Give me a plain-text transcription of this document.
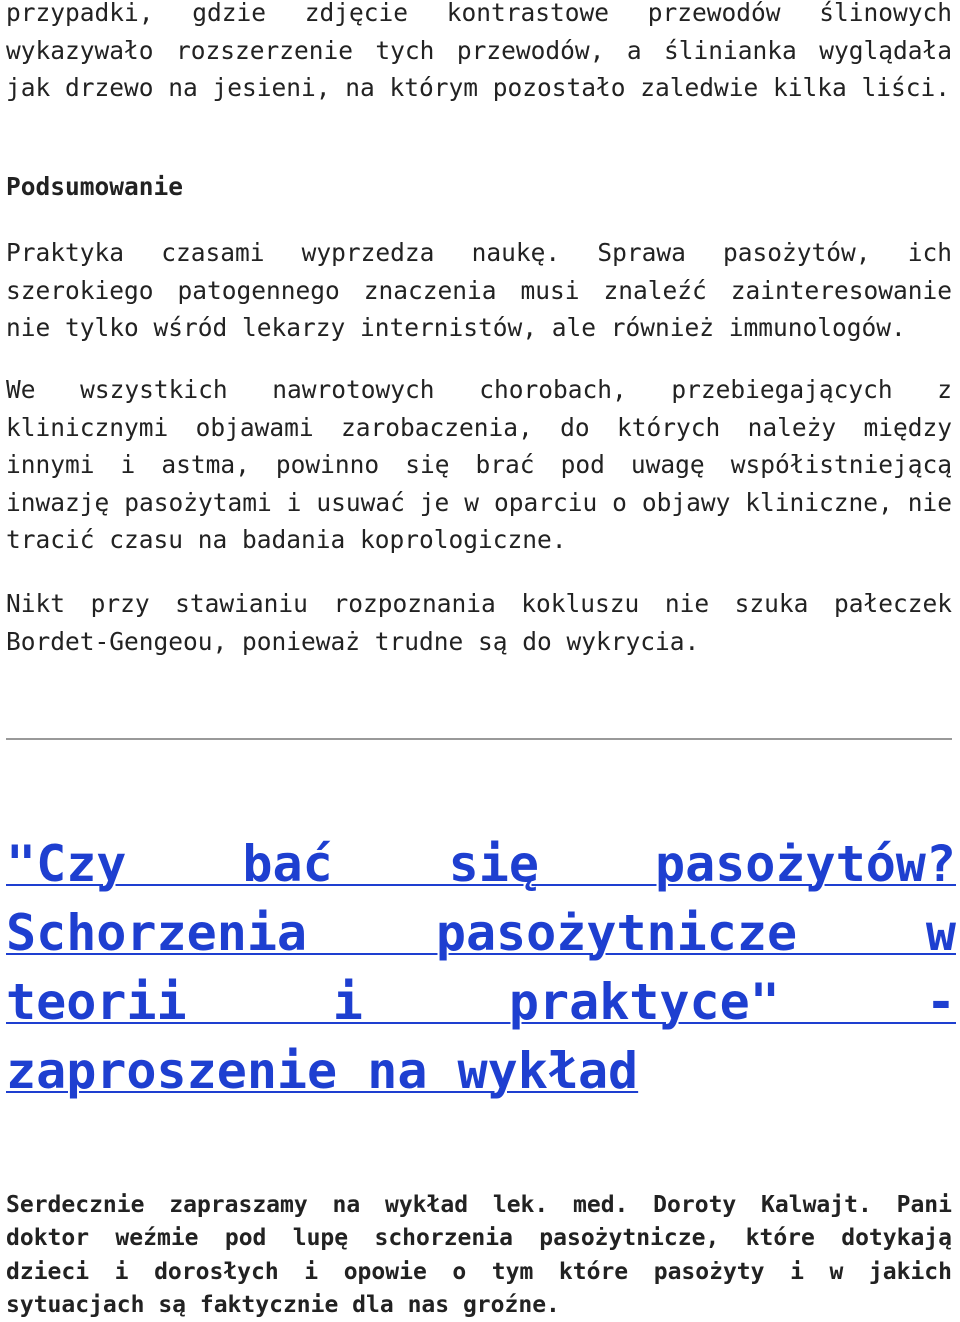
przypadki, gdzie zdjęcie kontrastowe przewodów ślinowych wykazywało rozszerzenie tych przewodów, a ślinianka wyglądała jak drzewo na jesieni, na którym pozostało zaledwie kilka liści.

Podsumowanie

Praktyka czasami wyprzedza naukę. Sprawa pasożytów, ich szerokiego patogennego znaczenia musi znaleźć zainteresowanie nie tylko wśród lekarzy internistów, ale również immunologów.

We wszystkich nawrotowych chorobach, przebiegających z klinicznymi objawami zarobaczenia, do których należy między innymi i astma, powinno się brać pod uwagę współistniejącą inwazję pasożytami i usuwać je w oparciu o objawy kliniczne, nie tracić czasu na badania koprologiczne.

Nikt przy stawianiu rozpoznania kokluszu nie szuka pałeczek Bordet-Gengeou, ponieważ trudne są do wykrycia.

"Czy bać się pasożytów? Schorzenia pasożytnicze w teorii i praktyce" - zaproszenie na wykład

Serdecznie zapraszamy na wykład lek. med. Doroty Kalwajt. Pani doktor weźmie pod lupę schorzenia pasożytnicze, które dotykają dzieci i dorosłych i opowie o tym które pasożyty i w jakich sytuacjach są faktycznie dla nas groźne.
